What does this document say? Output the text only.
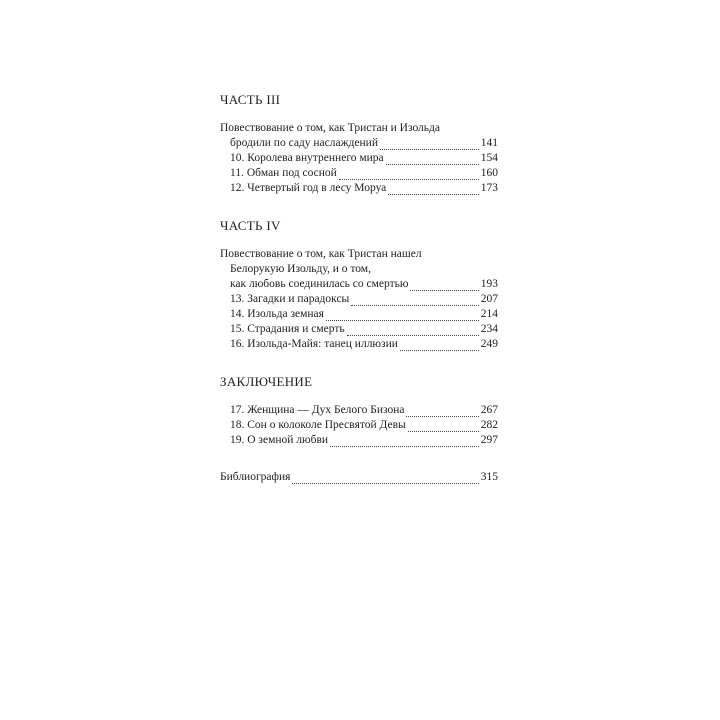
ЧАСТЬ III
Повествование о том, как Тристан и Изольда
бродили по саду наслаждений	141
10. Королева внутреннего мира	154
11. Обман под сосной	160
12. Четвертый год в лесу Моруа	173
ЧАСТЬ IV
Повествование о том, как Тристан нашел
Белорукую Изольду, и о том,
как любовь соединилась со смертью	193
13. Загадки и парадоксы	207
14. Изольда земная	214
15. Страдания и смерть	234
16. Изольда-Майя: танец иллюзии	249
ЗАКЛЮЧЕНИЕ
17. Женщина — Дух Белого Бизона	267
18. Сон о колоколе Пресвятой Девы	282
19. О земной любви	297
Библиография	315
